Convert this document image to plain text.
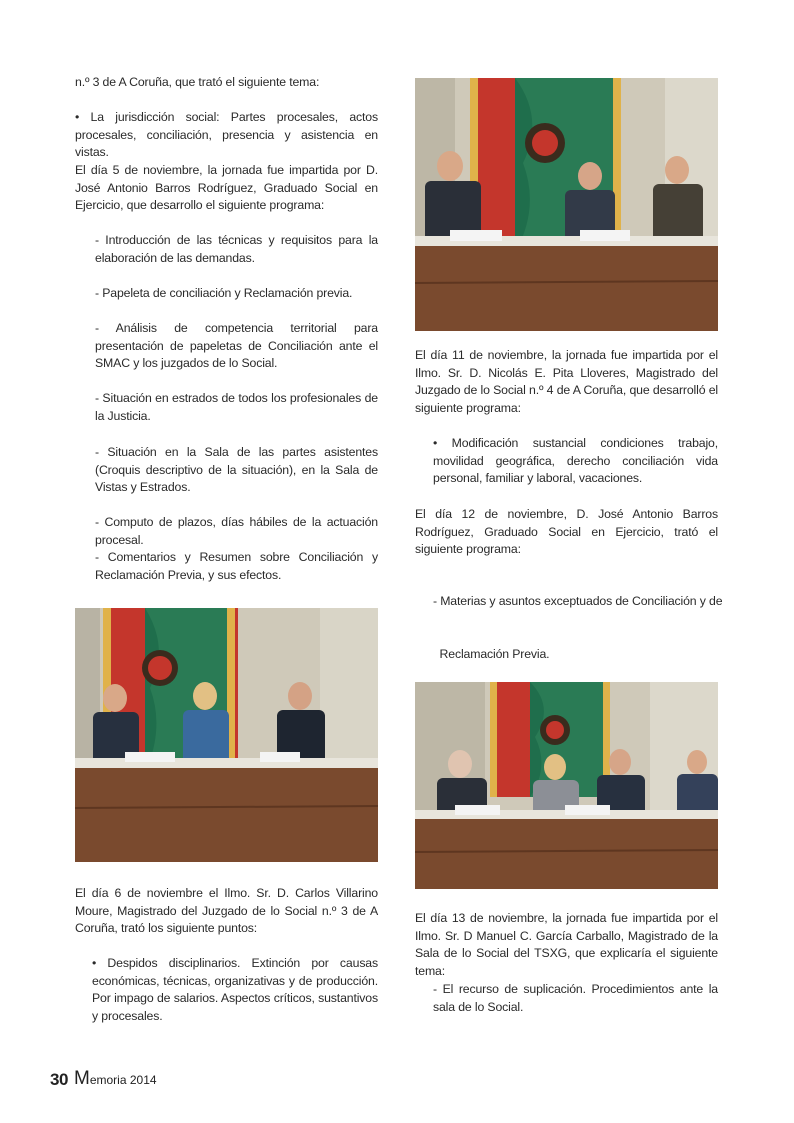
n.º 3 de A Coruña, que trató el siguiente tema:
• La jurisdicción social: Partes procesales, actos procesales, conciliación, presencia y asistencia en vistas.
El día 5 de noviembre, la jornada fue impartida por D. José Antonio Barros Rodríguez, Graduado Social en Ejercicio, que desarrollo el siguiente programa:
- Introducción de las técnicas y requisitos para la elaboración de las demandas.
- Papeleta de conciliación y Reclamación previa.
- Análisis de competencia territorial para presentación de papeletas de Conciliación ante el SMAC y los juzgados de lo Social.
- Situación en estrados de todos los profesionales de la Justicia.
- Situación en la Sala de las partes asistentes (Croquis descriptivo de la situación), en la Sala de Vistas y Estrados.
- Computo de plazos, días hábiles de la actuación procesal.
- Comentarios y Resumen sobre Conciliación y Reclamación Previa, y sus efectos.
El día 6 de noviembre el Ilmo. Sr. D. Carlos Villarino Moure, Magistrado del Juzgado de lo Social n.º 3 de A Coruña, trató los siguiente puntos:
• Despidos disciplinarios. Extinción por causas económicas, técnicas, organizativas y de producción. Por impago de salarios. Aspectos críticos, sustantivos y procesales.
El día 11 de noviembre, la jornada fue impartida por el Ilmo. Sr. D. Nicolás E. Pita Lloveres, Magistrado del Juzgado de lo Social n.º 4 de A Coruña, que desarrolló el siguiente programa:
• Modificación sustancial condiciones trabajo, movilidad geográfica, derecho conciliación vida personal, familiar y laboral, vacaciones.
El día 12 de noviembre, D. José Antonio Barros Rodríguez, Graduado Social en Ejercicio, trató el siguiente programa:

- Materias y asuntos exceptuados de Conciliación y de

Reclamación Previa.

El día 13 de noviembre, la jornada fue impartida por el Ilmo. Sr. D Manuel C. García Carballo, Magistrado de la Sala de lo Social del TSXG, que explicaría el siguiente tema:
- El recurso de suplicación. Procedimientos ante la sala de lo Social.
30 Memoria 2014
